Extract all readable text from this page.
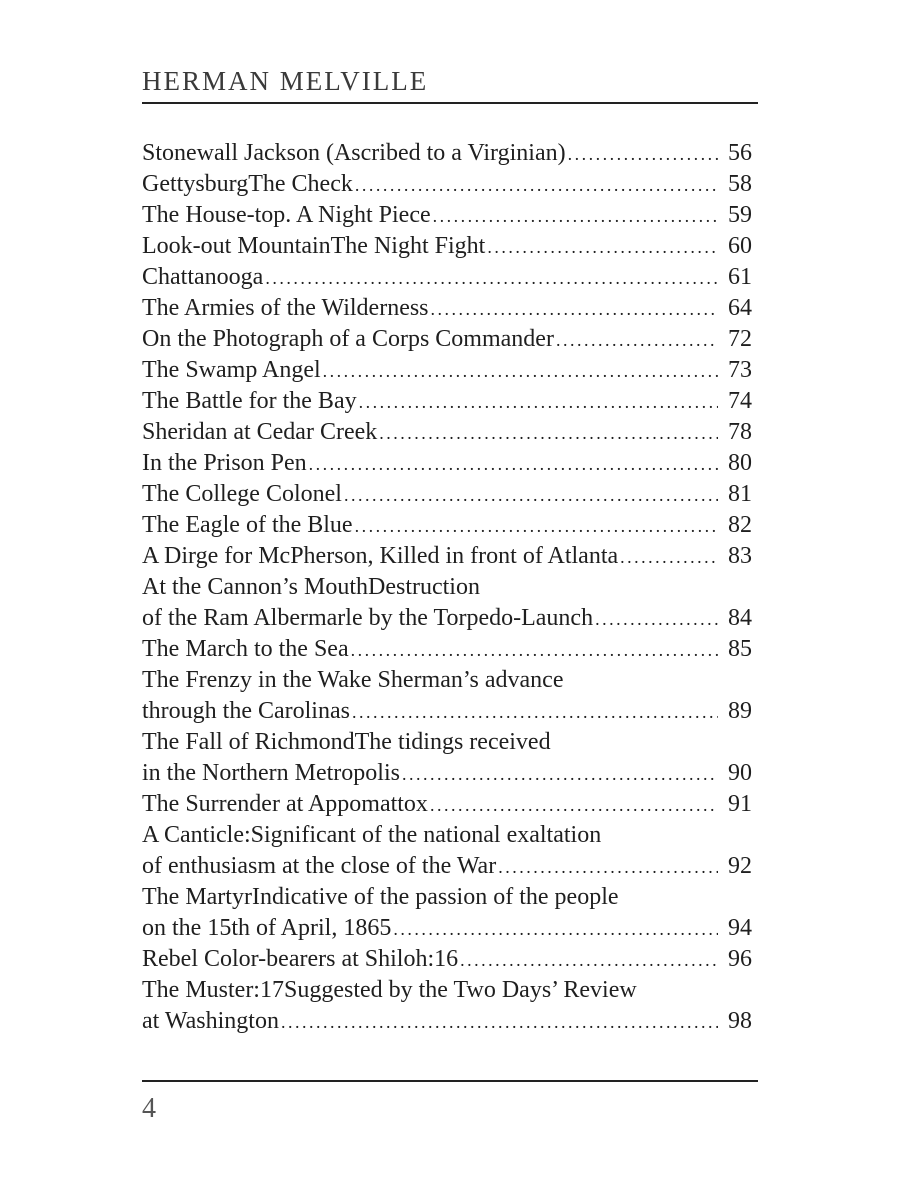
HERMAN MELVILLE
Stonewall Jackson (Ascribed to a Virginian) . . .	56
GettysburgThe Check . . .	58
The House-top. A Night Piece . . .	59
Look-out MountainThe Night Fight . . .	60
Chattanooga . . .	61
The Armies of the Wilderness . . .	64
On the Photograph of a Corps Commander . . .	72
The Swamp Angel . . .	73
The Battle for the Bay . . .	74
Sheridan at Cedar Creek . . .	78
In the Prison Pen . . .	80
The College Colonel . . .	81
The Eagle of the Blue . . .	82
A Dirge for McPherson, Killed in front of Atlanta . . .	83
At the Cannon’s MouthDestruction
of the Ram Albermarle by the Torpedo-Launch . . .	84
The March to the Sea . . .	85
The Frenzy in the Wake Sherman’s advance
through the Carolinas . . .	89
The Fall of RichmondThe tidings received
in the Northern Metropolis . . .	90
The Surrender at Appomattox . . .	91
A Canticle:Significant of the national exaltation
of enthusiasm at the close of the War . . .	92
The MartyrIndicative of the passion of the people
on the 15th of April, 1865 . . .	94
Rebel Color-bearers at Shiloh:16 . . .	96
The Muster:17Suggested by the Two Days’ Review
at Washington . . .	98
4
